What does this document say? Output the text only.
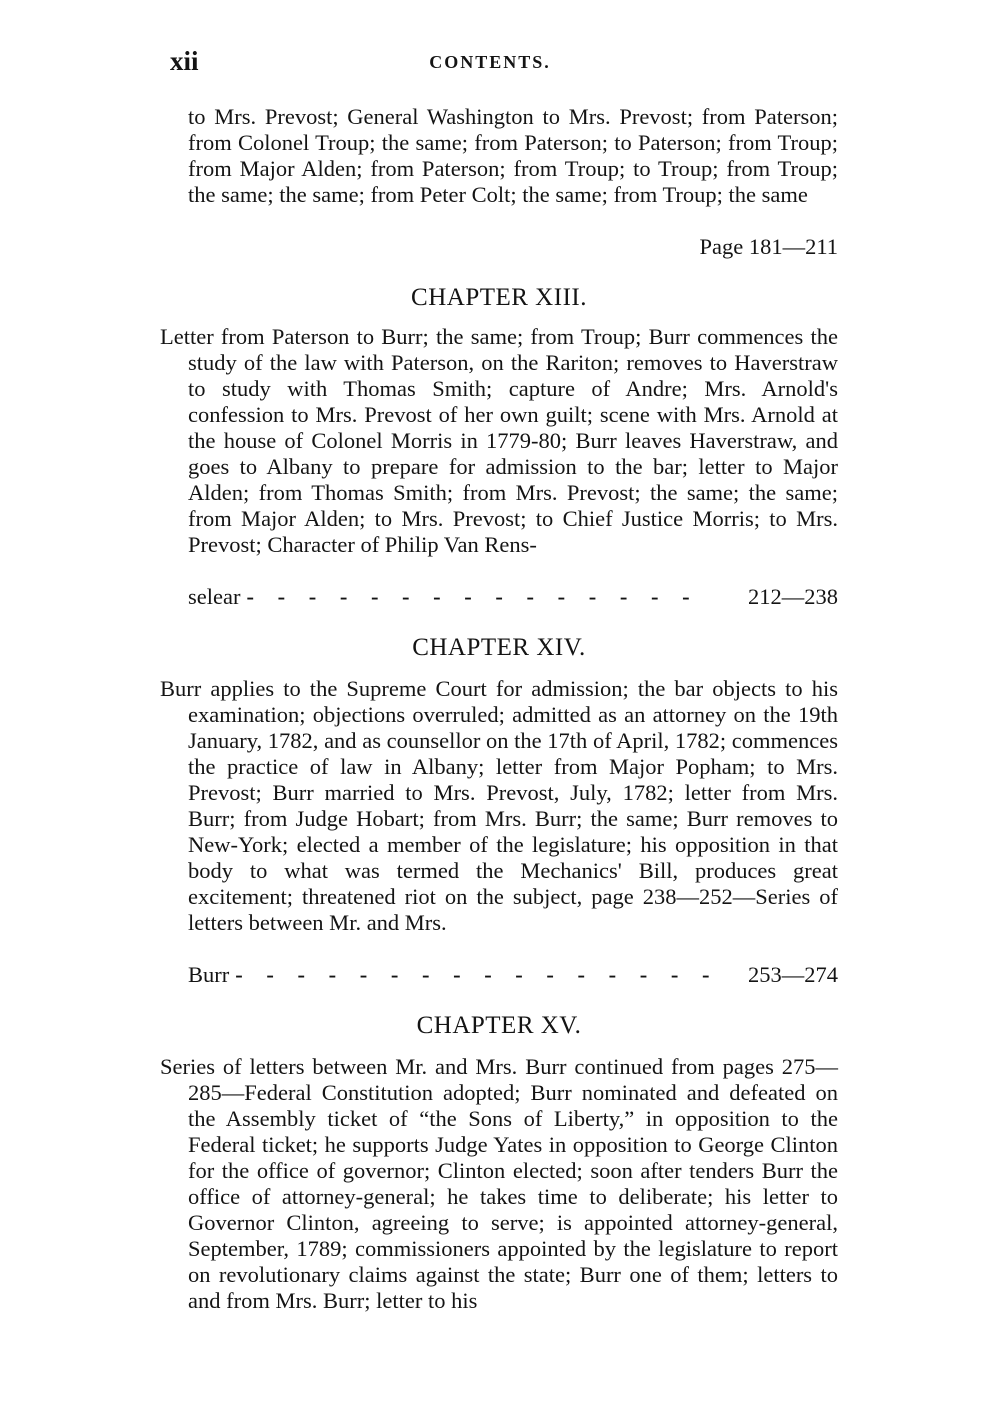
xii	CONTENTS.

to Mrs. Prevost; General Washington to Mrs. Prevost; from Paterson; from Colonel Troup; the same; from Paterson; to Paterson; from Troup; from Major Alden; from Paterson; from Troup; to Troup; from Troup; the same; the same; from Peter Colt; the same; from Troup; the same

Page 181—211
CHAPTER XIII.

Letter from Paterson to Burr; the same; from Troup; Burr commences the study of the law with Paterson, on the Rariton; removes to Haverstraw to study with Thomas Smith; capture of Andre; Mrs. Arnold's confession to Mrs. Prevost of her own guilt; scene with Mrs. Arnold at the house of Colonel Morris in 1779-80; Burr leaves Haverstraw, and goes to Albany to prepare for admission to the bar; letter to Major Alden; from Thomas Smith; from Mrs. Prevost; the same; the same; from Major Alden; to Mrs. Prevost; to Chief Justice Morris; to Mrs. Prevost; Character of Philip Van Rens-

selear - - - - - - - - - - - - - - -	212—238
CHAPTER XIV.

Burr applies to the Supreme Court for admission; the bar objects to his examination; objections overruled; admitted as an attorney on the 19th January, 1782, and as counsellor on the 17th of April, 1782; commences the practice of law in Albany; letter from Major Popham; to Mrs. Prevost; Burr married to Mrs. Prevost, July, 1782; letter from Mrs. Burr; from Judge Hobart; from Mrs. Burr; the same; Burr removes to New-York; elected a member of the legislature; his opposition in that body to what was termed the Mechanics' Bill, produces great excitement; threatened riot on the subject, page 238—252—Series of letters between Mr. and Mrs.

Burr - - - - - - - - - - - - - - - -	253—274
CHAPTER XV.

Series of letters between Mr. and Mrs. Burr continued from pages 275—285—Federal Constitution adopted; Burr nominated and defeated on the Assembly ticket of “the Sons of Liberty,” in opposition to the Federal ticket; he supports Judge Yates in opposition to George Clinton for the office of governor; Clinton elected; soon after tenders Burr the office of attorney-general; he takes time to deliberate; his letter to Governor Clinton, agreeing to serve; is appointed attorney-general, September, 1789; commissioners appointed by the legislature to report on revolutionary claims against the state; Burr one of them; letters to and from Mrs. Burr; letter to his
